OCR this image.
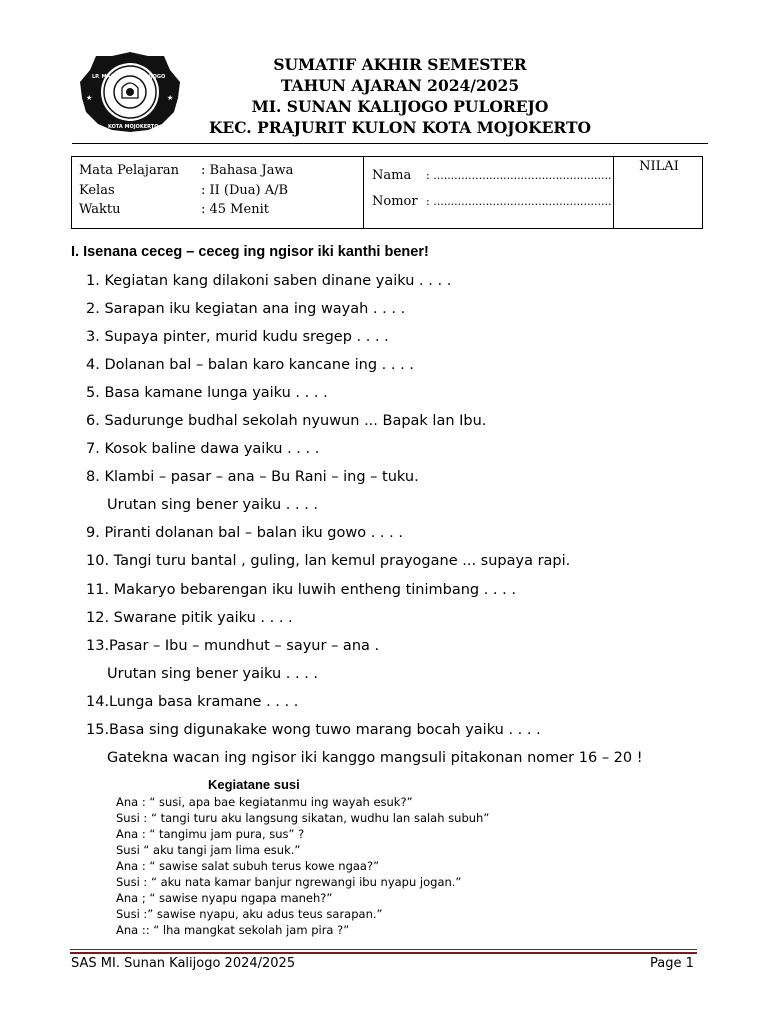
LP. MAARIF	KALIJOGO
KOTA MOJOKERTO
★	★
SUMATIF AKHIR SEMESTER
TAHUN AJARAN 2024/2025
MI. SUNAN KALIJOGO PULOREJO
KEC. PRAJURIT KULON KOTA MOJOKERTO
Mata Pelajaran : Bahasa Jawa
Kelas	: II (Dua) A/B
Waktu	: 45 Menit
Nama : ...................................................
Nomor : ...................................................
NILAI
I. Isenana ceceg – ceceg ing ngisor iki kanthi bener!
1. Kegiatan kang dilakoni saben dinane yaiku . . . .
2. Sarapan iku kegiatan ana ing wayah . . . .
3. Supaya pinter, murid kudu sregep . . . .
4. Dolanan bal – balan karo kancane ing . . . .
5. Basa kamane lunga yaiku . . . .
6. Sadurunge budhal sekolah nyuwun ... Bapak lan Ibu.
7. Kosok baline dawa yaiku . . . .
8. Klambi – pasar – ana – Bu Rani – ing – tuku.
Urutan sing bener yaiku . . . .
9. Piranti dolanan bal – balan iku gowo . . . .
10. Tangi turu bantal , guling, lan kemul prayogane ... supaya rapi.
11. Makaryo bebarengan iku luwih entheng tinimbang . . . .
12. Swarane pitik yaiku . . . .
13.Pasar – Ibu – mundhut – sayur – ana .
Urutan sing bener yaiku . . . .
14.Lunga basa kramane . . . .
15.Basa sing digunakake wong tuwo marang bocah yaiku . . . .
Gatekna wacan ing ngisor iki kanggo mangsuli pitakonan nomer 16 – 20 !
Kegiatane susi
Ana : “ susi, apa bae kegiatanmu ing wayah esuk?”
Susi : “ tangi turu aku langsung sikatan, wudhu lan salah subuh”
Ana : “ tangimu jam pura, sus” ?
Susi “ aku tangi jam lima esuk.”
Ana : “ sawise salat subuh terus kowe ngaa?”
Susi : “ aku nata kamar banjur ngrewangi ibu nyapu jogan.”
Ana ; “ sawise nyapu ngapa maneh?”
Susi :” sawise nyapu, aku adus teus sarapan.”
Ana :: “ lha mangkat sekolah jam pira ?”
SAS MI. Sunan Kalijogo 2024/2025	Page 1
